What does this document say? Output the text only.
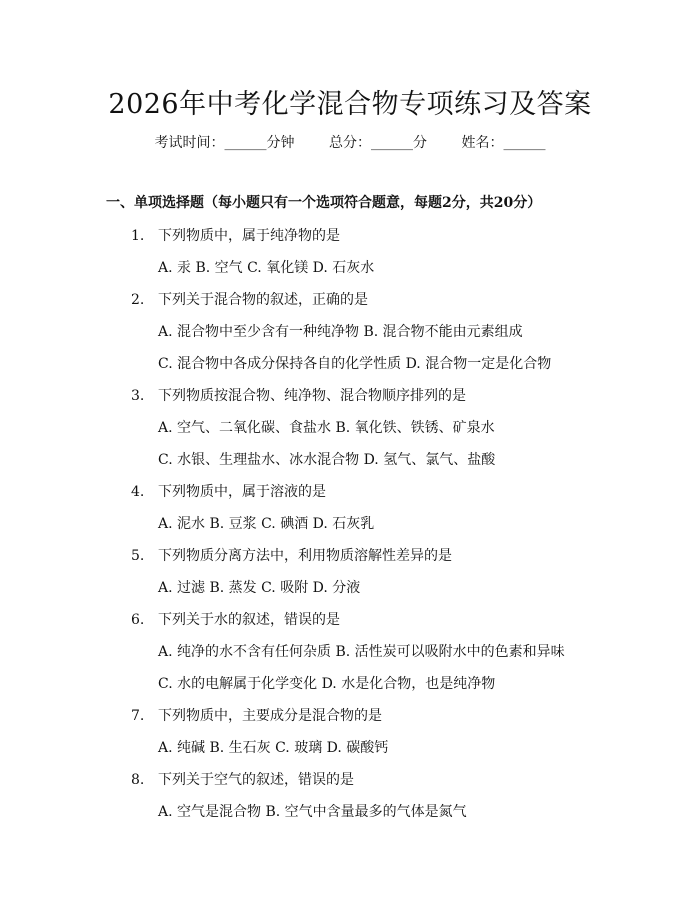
2026年中考化学混合物专项练习及答案
考试时间：______分钟 总分：______分 姓名：______
一、单项选择题（每小题只有一个选项符合题意，每题2分，共20分）
1. 下列物质中，属于纯净物的是
A. 汞 B. 空气 C. 氧化镁 D. 石灰水
2. 下列关于混合物的叙述，正确的是
A. 混合物中至少含有一种纯净物 B. 混合物不能由元素组成
C. 混合物中各成分保持各自的化学性质 D. 混合物一定是化合物
3. 下列物质按混合物、纯净物、混合物顺序排列的是
A. 空气、二氧化碳、食盐水 B. 氧化铁、铁锈、矿泉水
C. 水银、生理盐水、冰水混合物 D. 氢气、氯气、盐酸
4. 下列物质中，属于溶液的是
A. 泥水 B. 豆浆 C. 碘酒 D. 石灰乳
5. 下列物质分离方法中，利用物质溶解性差异的是
A. 过滤 B. 蒸发 C. 吸附 D. 分液
6. 下列关于水的叙述，错误的是
A. 纯净的水不含有任何杂质 B. 活性炭可以吸附水中的色素和异味
C. 水的电解属于化学变化 D. 水是化合物，也是纯净物
7. 下列物质中，主要成分是混合物的是
A. 纯碱 B. 生石灰 C. 玻璃 D. 碳酸钙
8. 下列关于空气的叙述，错误的是
A. 空气是混合物 B. 空气中含量最多的气体是氮气
